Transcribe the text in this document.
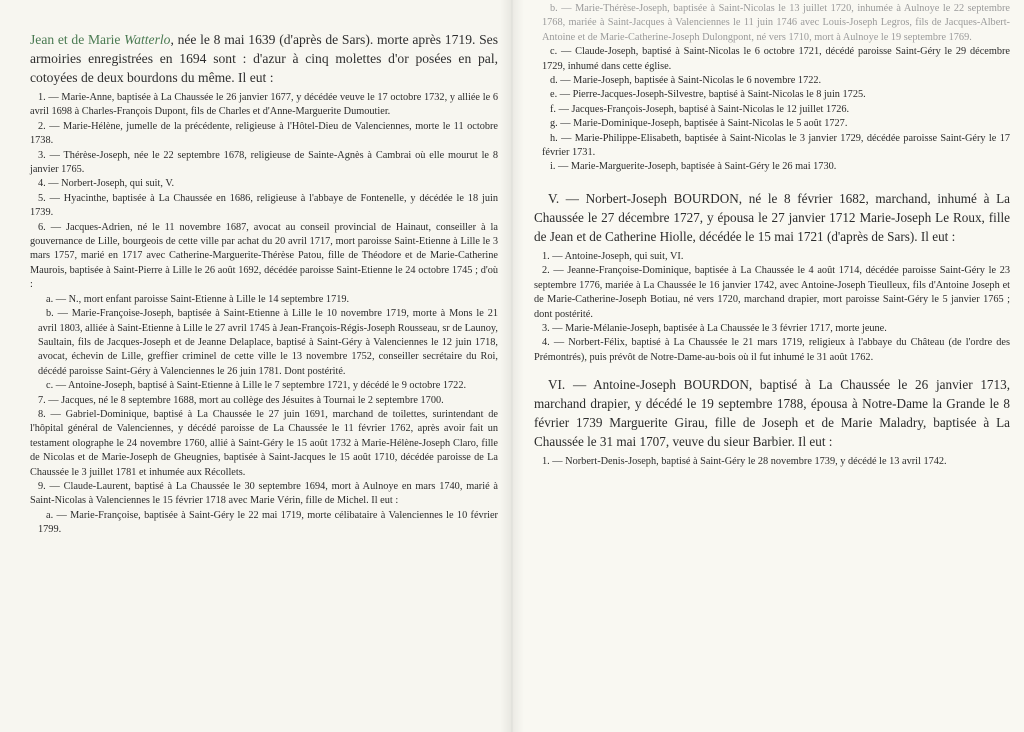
Jean et de Marie Watterlo, née le 8 mai 1639 (d'après de Sars). morte après 1719. Ses armoiries enregistrées en 1694 sont : d'azur à cinq molettes d'or posées en pal, cotoyées de deux bourdons du même. Il eut :

1. — Marie-Anne, baptisée à La Chaussée le 26 janvier 1677, y décédée veuve le 17 octobre 1732, y alliée le 6 avril 1698 à Charles-François Dupont, fils de Charles et d'Anne-Marguerite Dumoutier.

2. — Marie-Hélène, jumelle de la précédente, religieuse à l'Hôtel-Dieu de Valenciennes, morte le 11 octobre 1738.

3. — Thérèse-Joseph, née le 22 septembre 1678, religieuse de Sainte-Agnès à Cambrai où elle mourut le 8 janvier 1765.

4. — Norbert-Joseph, qui suit, V.

5. — Hyacinthe, baptisée à La Chaussée en 1686, religieuse à l'abbaye de Fontenelle, y décédée le 18 juin 1739.

6. — Jacques-Adrien, né le 11 novembre 1687, avocat au conseil provincial de Hainaut, conseiller à la gouvernance de Lille, bourgeois de cette ville par achat du 20 avril 1717, mort paroisse Saint-Etienne à Lille le 3 mars 1757, marié en 1717 avec Catherine-Marguerite-Thérèse Patou, fille de Théodore et de Marie-Catherine Maurois, baptisée à Saint-Pierre à Lille le 26 août 1692, décédée paroisse Saint-Etienne le 24 octobre 1745 ; d'où :

a. — N., mort enfant paroisse Saint-Etienne à Lille le 14 septembre 1719.

b. — Marie-Françoise-Joseph, baptisée à Saint-Etienne à Lille le 10 novembre 1719, morte à Mons le 21 avril 1803, alliée à Saint-Etienne à Lille le 27 avril 1745 à Jean-François-Régis-Joseph Rousseau, sr de Launoy, Saultain, fils de Jacques-Joseph et de Jeanne Delaplace, baptisé à Saint-Géry à Valenciennes le 12 juin 1718, avocat, échevin de Lille, greffier criminel de cette ville le 13 novembre 1752, conseiller secrétaire du Roi, décédé paroisse Saint-Géry à Valenciennes le 26 juin 1781. Dont postérité.

c. — Antoine-Joseph, baptisé à Saint-Etienne à Lille le 7 septembre 1721, y décédé le 9 octobre 1722.

7. — Jacques, né le 8 septembre 1688, mort au collège des Jésuites à Tournai le 2 septembre 1700.

8. — Gabriel-Dominique, baptisé à La Chaussée le 27 juin 1691, marchand de toilettes, surintendant de l'hôpital général de Valenciennes, y décédé paroisse de La Chaussée le 11 février 1762, après avoir fait un testament olographe le 24 novembre 1760, allié à Saint-Géry le 15 août 1732 à Marie-Hélène-Joseph Claro, fille de Nicolas et de Marie-Joseph de Gheugnies, baptisée à Saint-Jacques le 15 août 1710, décédée paroisse de La Chaussée le 3 juillet 1781 et inhumée aux Récollets.

9. — Claude-Laurent, baptisé à La Chaussée le 30 septembre 1694, mort à Aulnoye en mars 1740, marié à Saint-Nicolas à Valenciennes le 15 février 1718 avec Marie Vérin, fille de Michel. Il eut :

a. — Marie-Françoise, baptisée à Saint-Géry le 22 mai 1719, morte célibataire à Valenciennes le 10 février 1799.

b. — Marie-Thérèse-Joseph, baptisée à Saint-Nicolas le 13 juillet 1720, inhumée à Aulnoye le 22 septembre 1768, mariée à Saint-Jacques à Valenciennes le 11 juin 1746 avec Louis-Joseph Legros, fils de Jacques-Albert-Antoine et de Marie-Catherine-Joseph Dulongpont, né vers 1710, mort à Aulnoye le 19 septembre 1769.

c. — Claude-Joseph, baptisé à Saint-Nicolas le 6 octobre 1721, décédé paroisse Saint-Géry le 29 décembre 1729, inhumé dans cette église.

d. — Marie-Joseph, baptisée à Saint-Nicolas le 6 novembre 1722.

e. — Pierre-Jacques-Joseph-Silvestre, baptisé à Saint-Nicolas le 8 juin 1725.

f. — Jacques-François-Joseph, baptisé à Saint-Nicolas le 12 juillet 1726.

g. — Marie-Dominique-Joseph, baptisée à Saint-Nicolas le 5 août 1727.

h. — Marie-Philippe-Elisabeth, baptisée à Saint-Nicolas le 3 janvier 1729, décédée paroisse Saint-Géry le 17 février 1731.

i. — Marie-Marguerite-Joseph, baptisée à Saint-Géry le 26 mai 1730.

V. — Norbert-Joseph BOURDON, né le 8 février 1682, marchand, inhumé à La Chaussée le 27 décembre 1727, y épousa le 27 janvier 1712 Marie-Joseph Le Roux, fille de Jean et de Catherine Hiolle, décédée le 15 mai 1721 (d'après de Sars). Il eut :

1. — Antoine-Joseph, qui suit, VI.

2. — Jeanne-Françoise-Dominique, baptisée à La Chaussée le 4 août 1714, décédée paroisse Saint-Géry le 23 septembre 1776, mariée à La Chaussée le 16 janvier 1742, avec Antoine-Joseph Tieulleux, fils d'Antoine Joseph et de Marie-Catherine-Joseph Botiau, né vers 1720, marchand drapier, mort paroisse Saint-Géry le 5 janvier 1765 ; dont postérité.

3. — Marie-Mélanie-Joseph, baptisée à La Chaussée le 3 février 1717, morte jeune.

4. — Norbert-Félix, baptisé à La Chaussée le 21 mars 1719, religieux à l'abbaye du Château (de l'ordre des Prémontrés), puis prévôt de Notre-Dame-au-bois où il fut inhumé le 31 août 1762.

VI. — Antoine-Joseph BOURDON, baptisé à La Chaussée le 26 janvier 1713, marchand drapier, y décédé le 19 septembre 1788, épousa à Notre-Dame la Grande le 8 février 1739 Marguerite Girau, fille de Joseph et de Marie Maladry, baptisée à La Chaussée le 31 mai 1707, veuve du sieur Barbier. Il eut :

1. — Norbert-Denis-Joseph, baptisé à Saint-Géry le 28 novembre 1739, y décédé le 13 avril 1742.
